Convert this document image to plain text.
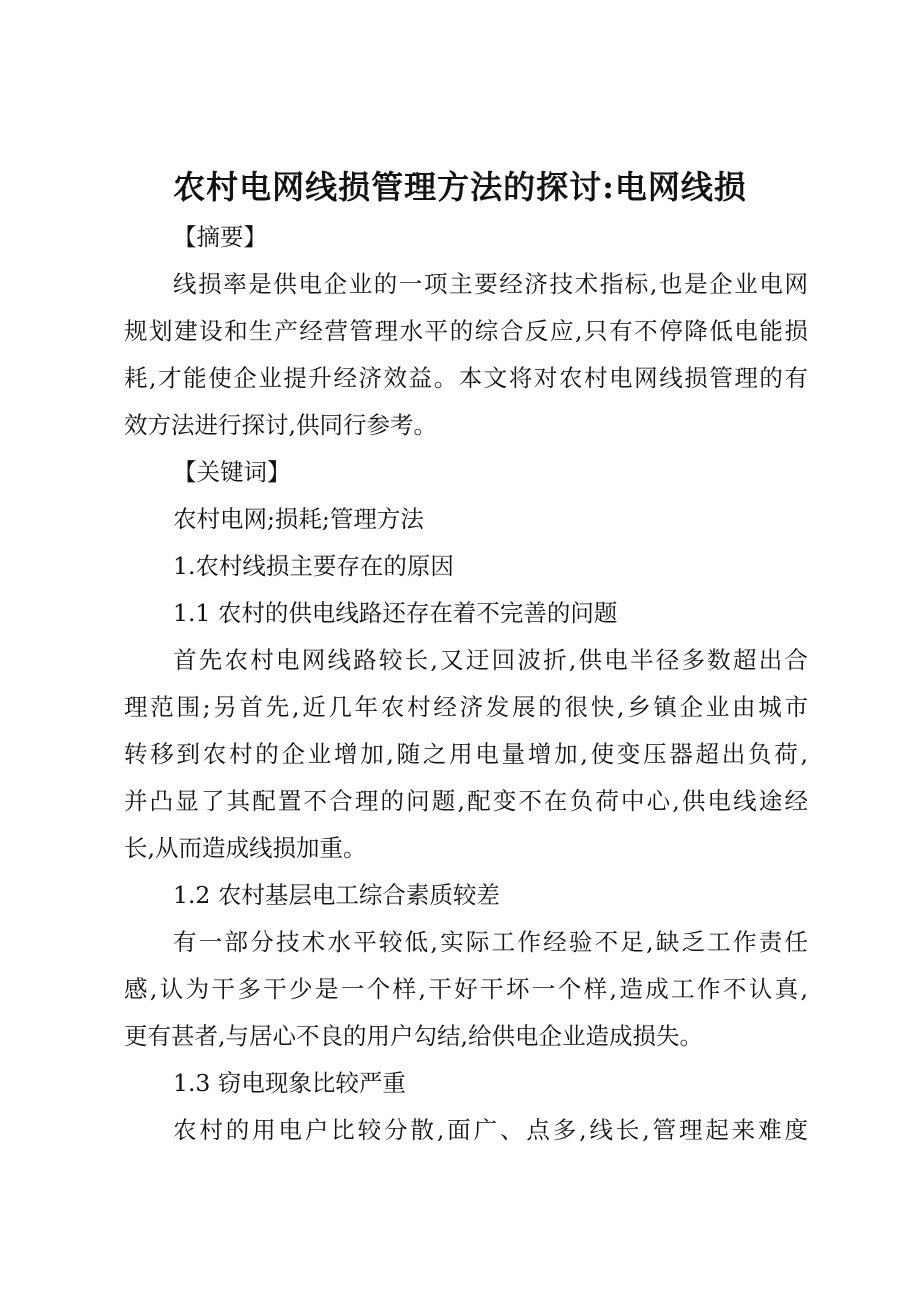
农村电网线损管理方法的探讨:电网线损
【摘要】
线损率是供电企业的一项主要经济技术指标,也是企业电网
规划建设和生产经营管理水平的综合反应,只有不停降低电能损
耗,才能使企业提升经济效益。本文将对农村电网线损管理的有
效方法进行探讨,供同行参考。
【关键词】
农村电网;损耗;管理方法
1.农村线损主要存在的原因
1.1 农村的供电线路还存在着不完善的问题
首先农村电网线路较长,又迂回波折,供电半径多数超出合
理范围;另首先,近几年农村经济发展的很快,乡镇企业由城市
转移到农村的企业增加,随之用电量增加,使变压器超出负荷,
并凸显了其配置不合理的问题,配变不在负荷中心,供电线途经
长,从而造成线损加重。
1.2 农村基层电工综合素质较差
有一部分技术水平较低,实际工作经验不足,缺乏工作责任
感,认为干多干少是一个样,干好干坏一个样,造成工作不认真,
更有甚者,与居心不良的用户勾结,给供电企业造成损失。
1.3 窃电现象比较严重
农村的用电户比较分散,面广、点多,线长,管理起来难度
